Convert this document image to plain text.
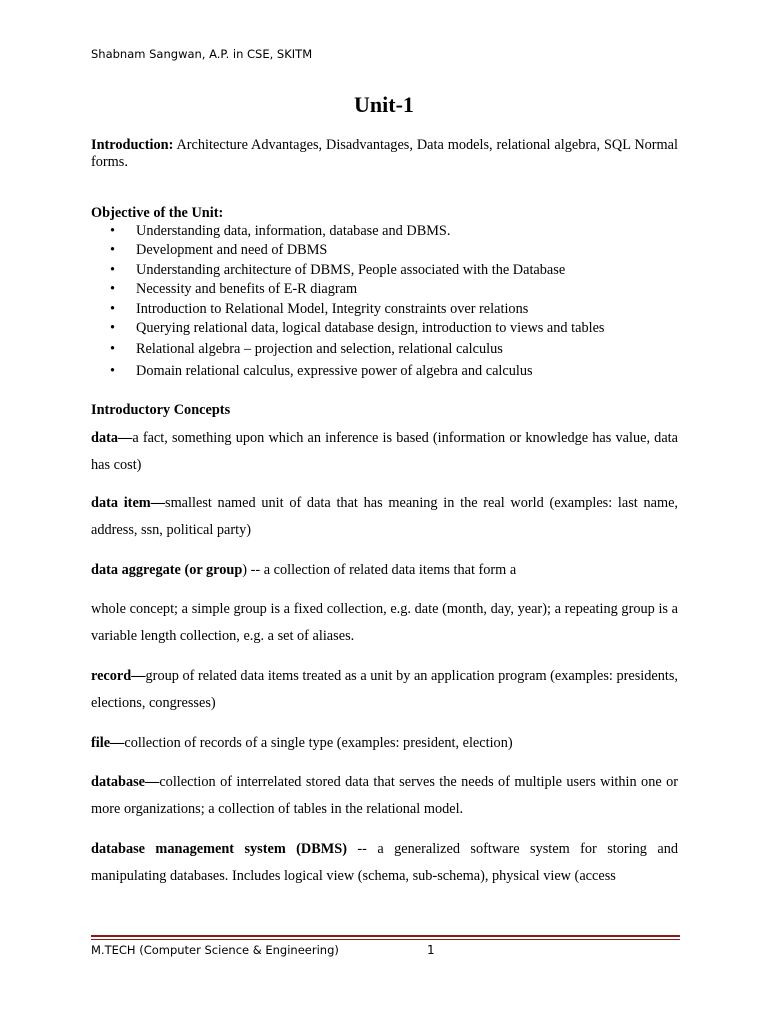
Shabnam Sangwan, A.P. in CSE, SKITM
Unit-1
Introduction: Architecture Advantages, Disadvantages, Data models, relational algebra, SQL Normal forms.
Objective of the Unit:
• Understanding data, information, database and DBMS.
• Development and need of DBMS
• Understanding architecture of DBMS, People associated with the Database
• Necessity and benefits of E-R diagram
• Introduction to Relational Model, Integrity constraints over relations
• Querying relational data, logical database design, introduction to views and tables
• Relational algebra – projection and selection, relational calculus
• Domain relational calculus, expressive power of algebra and calculus
Introductory Concepts
data—a fact, something upon which an inference is based (information or knowledge has value, data has cost)
data item—smallest named unit of data that has meaning in the real world (examples: last name, address, ssn, political party)
data aggregate (or group) -- a collection of related data items that form a
whole concept; a simple group is a fixed collection, e.g. date (month, day, year); a repeating group is a variable length collection, e.g. a set of aliases.
record—group of related data items treated as a unit by an application program (examples: presidents, elections, congresses)
file—collection of records of a single type (examples: president, election)
database—collection of interrelated stored data that serves the needs of multiple users within one or more organizations; a collection of tables in the relational model.
database management system (DBMS) -- a generalized software system for storing and manipulating databases. Includes logical view (schema, sub-schema), physical view (access
M.TECH (Computer Science & Engineering)	1
